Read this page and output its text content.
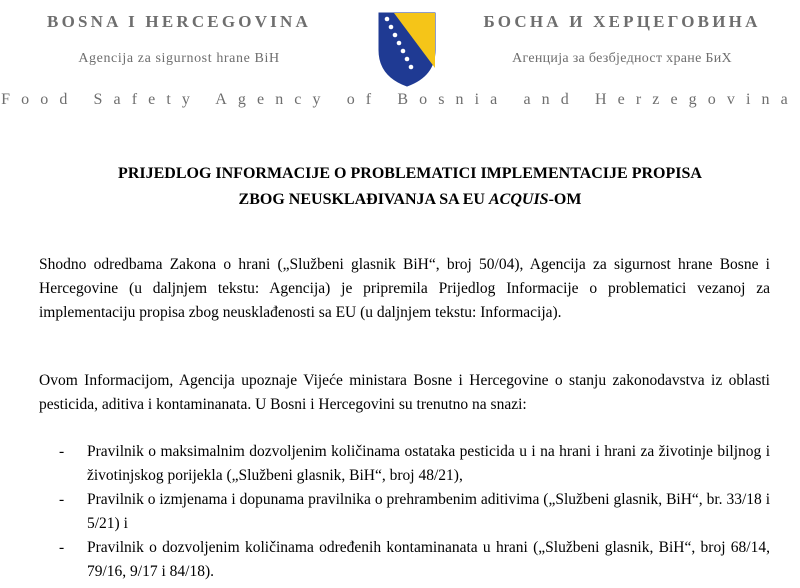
BOSNA I HERCEGOVINA
Agencija za sigurnost hrane BiH
БОСНА И ХЕРЦЕГОВИНА
Агенција за безбједност хране БиХ
Food Safety Agency of Bosnia and Herzegovina
PRIJEDLOG INFORMACIJE O PROBLEMATICI IMPLEMENTACIJE PROPISA
ZBOG NEUSKLAĐIVANJA SA EU ACQUIS-OM
Shodno odredbama Zakona o hrani („Službeni glasnik BiH“, broj 50/04), Agencija za sigurnost hrane Bosne i Hercegovine (u daljnjem tekstu: Agencija) je pripremila Prijedlog Informacije o problematici vezanoj za implementaciju propisa zbog neusklađenosti sa EU (u daljnjem tekstu: Informacija).
Ovom Informacijom, Agencija upoznaje Vijeće ministara Bosne i Hercegovine o stanju zakonodavstva iz oblasti pesticida, aditiva i kontaminanata. U Bosni i Hercegovini su trenutno na snazi:
- Pravilnik o maksimalnim dozvoljenim količinama ostataka pesticida u i na hrani i hrani za životinje biljnog i životinjskog porijekla („Službeni glasnik, BiH“, broj 48/21),
- Pravilnik o izmjenama i dopunama pravilnika o prehrambenim aditivima („Službeni glasnik, BiH“, br. 33/18 i 5/21) i
- Pravilnik o dozvoljenim količinama određenih kontaminanata u hrani („Službeni glasnik, BiH“, broj 68/14, 79/16, 9/17 i 84/18).
